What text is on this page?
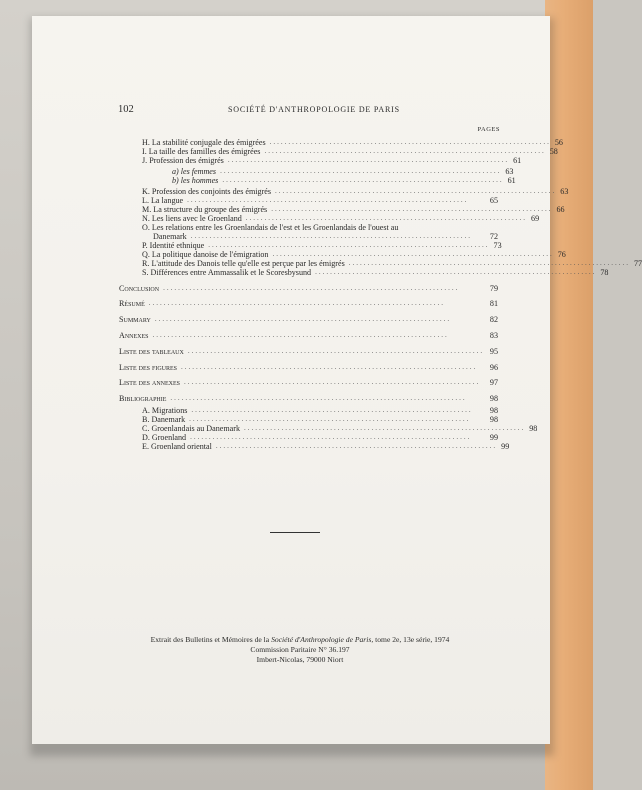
102	SOCIÉTÉ D'ANTHROPOLOGIE DE PARIS
PAGES
H. La stabilité conjugale des émigrées ........................................................................... 56
I. La taille des familles des émigrées ........................................................................... 58
J. Profession des émigrés ........................................................................... 61
a) les femmes ........................................................................... 63
b) les hommes ........................................................................... 61
K. Profession des conjoints des émigrés ........................................................................... 63
L. La langue ...........................................................................	65
M. La structure du groupe des émigrés ........................................................................... 66
N. Les liens avec le Groenland ........................................................................... 69
O. Les relations entre les Groenlandais de l'est et les Groenlandais de l'ouest au
Danemark ...........................................................................	72
P. Identité ethnique ........................................................................... 73
Q. La politique danoise de l'émigration ........................................................................... 76
R. L'attitude des Danois telle qu'elle est perçue par les émigrés ........................................................................... 77
S. Différences entre Ammassalik et le Scoresbysund ........................................................................... 78
Conclusion ...............................................................................	79
Résumé ...............................................................................	81
Summary ...............................................................................	82
Annexes ...............................................................................	83
Liste des tableaux ............................................................................... 95
Liste des figures ...............................................................................	96
Liste des annexes ...............................................................................	97
Bibliographie ...............................................................................	98
A. Migrations ...........................................................................	98
B. Danemark ...........................................................................	98
C. Groenlandais au Danemark ........................................................................... 98
D. Groenland ...........................................................................	99
E. Groenland oriental ........................................................................... 99
Extrait des Bulletins et Mémoires de la Société d'Anthropologie de Paris, tome 2e, 13e série, 1974
Commission Paritaire N° 36.197
Imbert-Nicolas, 79000 Niort
